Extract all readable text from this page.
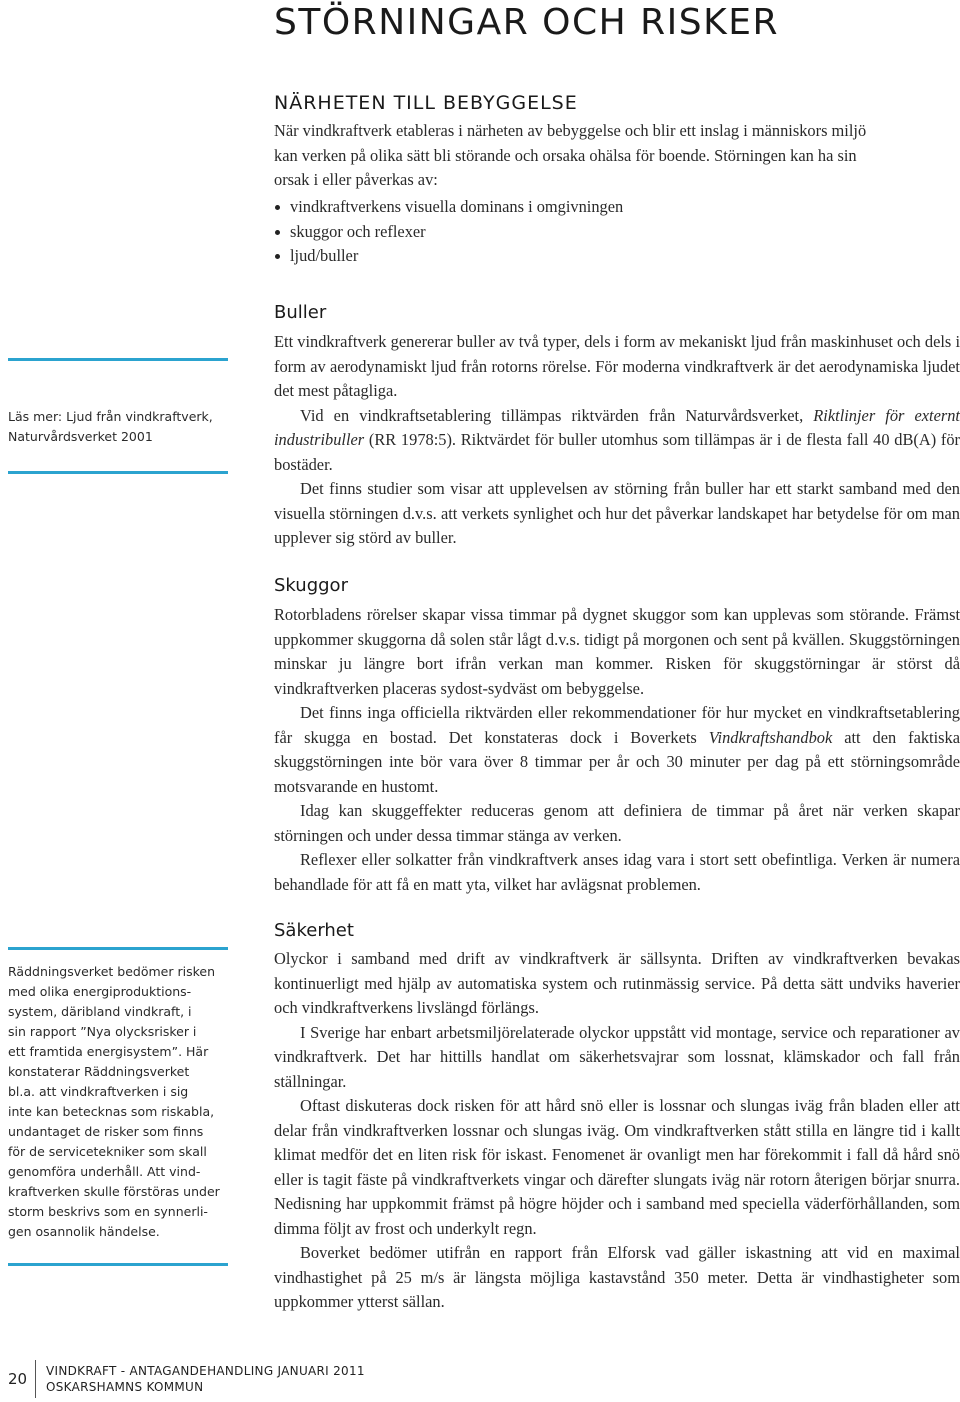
STÖRNINGAR OCH RISKER
NÄRHETEN TILL BEBYGGELSE
När vindkraftverk etableras i närheten av bebyggelse och blir ett inslag i människors miljö
kan verken på olika sätt bli störande och orsaka ohälsa för boende. Störningen kan ha sin
orsak i eller påverkas av:
vindkraftverkens visuella dominans i omgivningen
skuggor och reflexer
ljud/buller
Buller
Ett vindkraftverk genererar buller av två typer, dels i form av mekaniskt ljud från maskinhuset och dels i form av aerodynamiskt ljud från rotorns rörelse. För moderna vindkraftverk är det aerodynamiska ljudet det mest påtagliga.
Vid en vindkraftsetablering tillämpas riktvärden från Naturvårdsverket, Riktlinjer för externt industribuller (RR 1978:5). Riktvärdet för buller utomhus som tillämpas är i de flesta fall 40 dB(A) för bostäder.
Det finns studier som visar att upplevelsen av störning från buller har ett starkt samband med den visuella störningen d.v.s. att verkets synlighet och hur det påverkar landskapet har betydelse för om man upplever sig störd av buller.
Skuggor
Rotorbladens rörelser skapar vissa timmar på dygnet skuggor som kan upplevas som störande. Främst uppkommer skuggorna då solen står lågt d.v.s. tidigt på morgonen och sent på kvällen. Skuggstörningen minskar ju längre bort ifrån verkan man kommer. Risken för skuggstörningar är störst då vindkraftverken placeras sydost-sydväst om bebyggelse.
Det finns inga officiella riktvärden eller rekommendationer för hur mycket en vindkraftsetablering får skugga en bostad. Det konstateras dock i Boverkets Vindkraftshandbok att den faktiska skuggstörningen inte bör vara över 8 timmar per år och 30 minuter per dag på ett störningsområde motsvarande en hustomt.
Idag kan skuggeffekter reduceras genom att definiera de timmar på året när verken skapar störningen och under dessa timmar stänga av verken.
Reflexer eller solkatter från vindkraftverk anses idag vara i stort sett obefintliga. Verken är numera behandlade för att få en matt yta, vilket har avlägsnat problemen.
Säkerhet
Olyckor i samband med drift av vindkraftverk är sällsynta. Driften av vindkraftverken bevakas kontinuerligt med hjälp av automatiska system och rutinmässig service. På detta sätt undviks haverier och vindkraftverkens livslängd förlängs.
I Sverige har enbart arbetsmiljörelaterade olyckor uppstått vid montage, service och reparationer av vindkraftverk. Det har hittills handlat om säkerhetsvajrar som lossnat, klämskador och fall från ställningar.
Oftast diskuteras dock risken för att hård snö eller is lossnar och slungas iväg från bladen eller att delar från vindkraftverken lossnar och slungas iväg. Om vindkraftverken stått stilla en längre tid i kallt klimat medför det en liten risk för iskast. Fenomenet är ovanligt men har förekommit i fall då hård snö eller is tagit fäste på vindkraftverkets vingar och därefter slungats iväg när rotorn återigen börjar snurra. Nedisning har uppkommit främst på högre höjder och i samband med speciella väderförhållanden, som dimma följt av frost och underkylt regn.
Boverket bedömer utifrån en rapport från Elforsk vad gäller iskastning att vid en maximal vindhastighet på 25 m/s är längsta möjliga kastavstånd 350 meter. Detta är vindhastigheter som uppkommer ytterst sällan.
Läs mer: Ljud från vindkraftverk,
Naturvårdsverket 2001
Räddningsverket bedömer risken
med olika energiproduktions-
system, däribland vindkraft, i
sin rapport ”Nya olycksrisker i
ett framtida energisystem”. Här
konstaterar Räddningsverket
bl.a. att vindkraftverken i sig
inte kan betecknas som riskabla,
undantaget de risker som finns
för de servicetekniker som skall
genomföra underhåll. Att vind-
kraftverken skulle förstöras under
storm beskrivs som en synnerli-
gen osannolik händelse.
20 VINDKRAFT - ANTAGANDEHANDLING JANUARI 2011
OSKARSHAMNS KOMMUN
